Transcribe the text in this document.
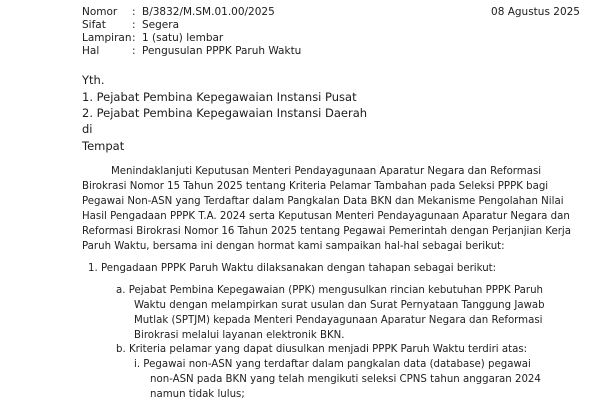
Nomor	: B/3832/M.SM.01.00/2025
Sifat	: Segera
Lampiran : 1 (satu) lembar
Hal	: Pengusulan PPPK Paruh Waktu
08 Agustus 2025
Yth.
1. Pejabat Pembina Kepegawaian Instansi Pusat
2. Pejabat Pembina Kepegawaian Instansi Daerah
di
Tempat
Menindaklanjuti Keputusan Menteri Pendayagunaan Aparatur Negara dan Reformasi
Birokrasi Nomor 15 Tahun 2025 tentang Kriteria Pelamar Tambahan pada Seleksi PPPK bagi
Pegawai Non-ASN yang Terdaftar dalam Pangkalan Data BKN dan Mekanisme Pengolahan Nilai
Hasil Pengadaan PPPK T.A. 2024 serta Keputusan Menteri Pendayagunaan Aparatur Negara dan
Reformasi Birokrasi Nomor 16 Tahun 2025 tentang Pegawai Pemerintah dengan Perjanjian Kerja
Paruh Waktu, bersama ini dengan hormat kami sampaikan hal-hal sebagai berikut:
1. Pengadaan PPPK Paruh Waktu dilaksanakan dengan tahapan sebagai berikut:
a. Pejabat Pembina Kepegawaian (PPK) mengusulkan rincian kebutuhan PPPK Paruh
Waktu dengan melampirkan surat usulan dan Surat Pernyataan Tanggung Jawab
Mutlak (SPTJM) kepada Menteri Pendayagunaan Aparatur Negara dan Reformasi
Birokrasi melalui layanan elektronik BKN.
b. Kriteria pelamar yang dapat diusulkan menjadi PPPK Paruh Waktu terdiri atas:
i. Pegawai non-ASN yang terdaftar dalam pangkalan data (database) pegawai
non-ASN pada BKN yang telah mengikuti seleksi CPNS tahun anggaran 2024
namun tidak lulus;
